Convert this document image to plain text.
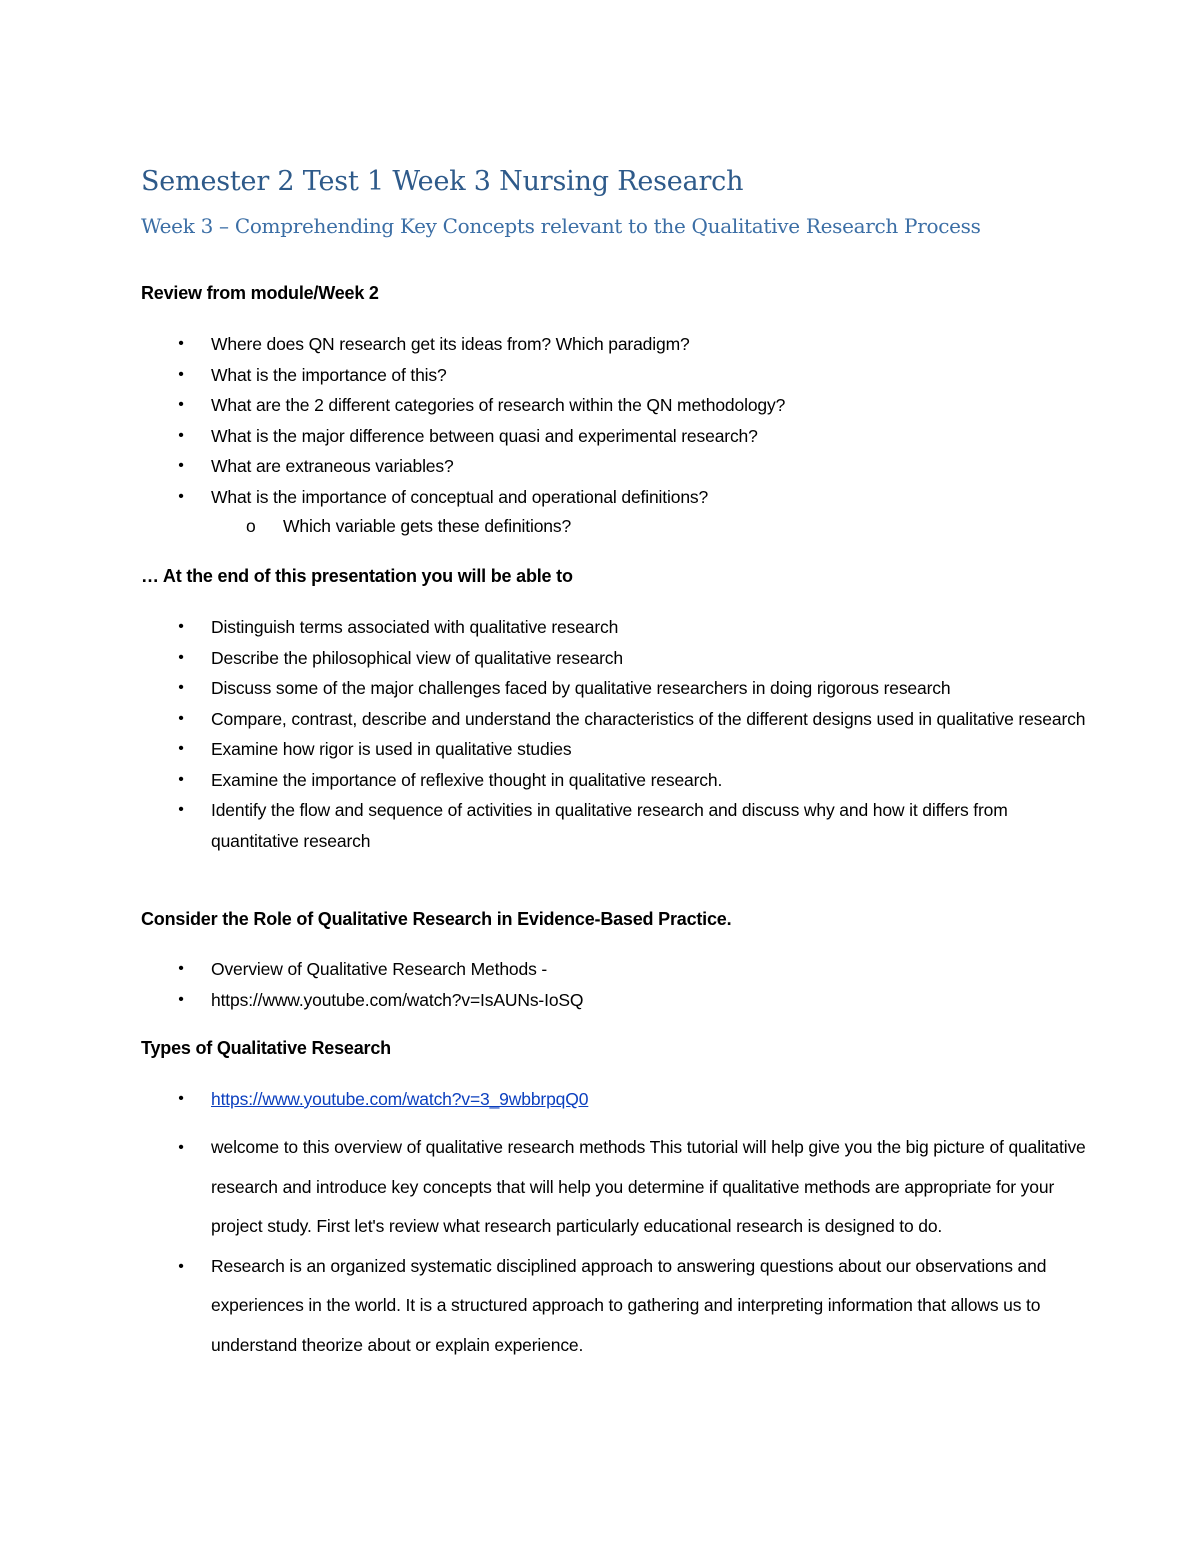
Semester 2 Test 1 Week 3 Nursing Research
Week 3 – Comprehending Key Concepts relevant to the Qualitative Research Process
Review from module/Week 2
• Where does QN research get its ideas from? Which paradigm?
• What is the importance of this?
• What are the 2 different categories of research within the QN methodology?
• What is the major difference between quasi and experimental research?
• What are extraneous variables?
• What is the importance of conceptual and operational definitions?
o Which variable gets these definitions?
… At the end of this presentation you will be able to
• Distinguish terms associated with qualitative research
• Describe the philosophical view of qualitative research
• Discuss some of the major challenges faced by qualitative researchers in doing rigorous research
• Compare, contrast, describe and understand the characteristics of the different designs used in qualitative research
• Examine how rigor is used in qualitative studies
• Examine the importance of reflexive thought in qualitative research.
• Identify the flow and sequence of activities in qualitative research and discuss why and how it differs from quantitative research
Consider the Role of Qualitative Research in Evidence-Based Practice.
• Overview of Qualitative Research Methods -
• https://www.youtube.com/watch?v=IsAUNs-IoSQ
Types of Qualitative Research
• https://www.youtube.com/watch?v=3_9wbbrpqQ0
• welcome to this overview of qualitative research methods This tutorial will help give you the big picture of qualitative research and introduce key concepts that will help you determine if qualitative methods are appropriate for your project study. First let's review what research particularly educational research is designed to do.
• Research is an organized systematic disciplined approach to answering questions about our observations and experiences in the world. It is a structured approach to gathering and interpreting information that allows us to understand theorize about or explain experience.
